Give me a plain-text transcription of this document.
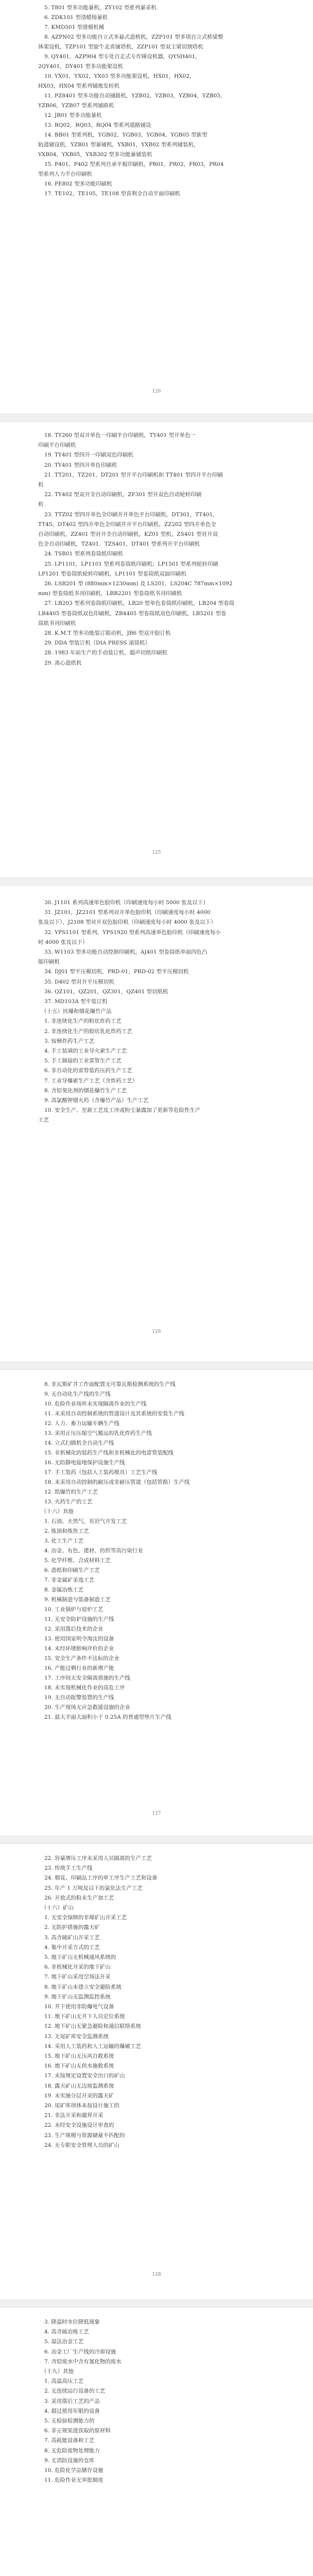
5. T801 型多功能暴机，ZY102 型系列暴采机
6. ZDK101 型清蜡铸暴机
7. KMD501 型滑模机械
8. AZPN02 型多功能自立式多悬式造桥机，ZZP101 型多项自立式桥梁整
体架设机，TZP101 型旋牛北喜铺塔机，ZZP101 型双主梁切割塔机
9. QY401，AZP904 型专处自走式专作锤设机器，QYSH401，
2QY401，DY401 型多功能架设机
10. YX01，YX02，YX03 型多功能架设机，HX01，HX02，
HX03，HX04 型系列铺地发转机
11. PZ8401 型多功能自动铺路机，YZB02，YZB03，YZB04，YZB05，
YZB06，YZB07 型系列铺路机
12. JB01 型多功能暴机
13. RQ02，RQ03，RQ04 型系列道路铺设
14. BB01 型系列机，YGB02，YGB03，YGB04，YGB05 型新型
轨道铺设机，YZB01 型暴铺机，YXB01，YXB02 型系列铺装机，
YXB04，YXB05，YXB302 型多功能暴铺装机
15. P401，P402 型系列自承平板印刷机，PR01，PR02，PR03，PR04
型系列人力平台印刷机
16. PE802 型多功能印刷机
17. TE102，TE105，TE108 型喜利全自动平面印刷机
126
18. TY260 型双开单色一印刷平台印刷机，TY401 型开单色一
印刷平台印刷机
19. TY401 型四开一印刷双色印刷机
20. TY401 型四开单色印刷机
21. TT201，TZ201，DT201 型开平台印刷机和 TT401 型四开平台印刷
机
22. TY402 型双开全自动印刷机，ZF301 型开双色自动轮转印刷
机
23. TTZ02 型四开单色全印刷并开单色平台印刷机，DT301，TT401，
TT45，DT402 型四开单色全印刷并开平台印刷机，ZZ202 型四开单色全
自动印刷机，ZZ401 型对开全自动印刷机，KZ01 型机，ZS401 型对开双
色全自动印刷机，TZ401，TZS401，DT401 型系列开平台印刷机
24. TSB01 型系列卷筒纸印刷机
25. LP1101，LP1101 型系列卷筒纸印刷机；LP1501 型系列轮转印刷
LP1201 型卷筒纸轮转印刷机，LP1101 型卷筒纸双面印刷机
26. LSB201 型 (880mm×1230mm) 及 LS201，LS204C 787mm×1092
mm) 型卷筒纸书刊印刷机，LRB2201 型卷筒纸书刊印刷机
27. LB203 型系列卷筒纸印刷机，LR20 型单色卷筒纸印刷机，LB204 型卷筒
LB4405 型卷筒纸双色印刷机，ZB4405 型卷筒纸双色印刷机，LB5201 型卷
筒纸书刊印刷机
28. K.M.T 型多功能装订联动机，JB6 型双开胶订机
29. DDA 型装订机（DIA PRESS 滚筒机）
28. 1983 年前生产的手动装订机，超声切纸印刷机
29. 离心造纸机
125
30. J1101 系列高速单色胶印机（印刷速度每小时 5000 张及以下）
31. JZ101，JZ2101 型系列对开单色胶印机（印刷速度每小时 4000
张及以下），J2108 型对开双色胶印机（印刷速度每小时 4000 张及以下）
32. YPS1101 型系列，YPS1920 型系列高速单色胶印机（印刷速度每小
时 4000 张及以下）
33. W1103 型多功能自动控制印刷机，AJ401 型卷筒纸单面四色凸
版印刷机
34. DJ01 型平压模切机，PRD-01，PRD-02 型平压模切机
35. D402 型对开平压模切机
36. QZ101，QZ201，QZ301，QZ401 型切纸机
37. MD103A 型平装订机
（十五）民爆和烟花爆竹产品
1. 非连续化生产的粉状炸药工艺
2. 非连续化生产的胶状乳化炸药工艺
3. 铵梯炸药生产工艺
4. 手工装填的工业导火索生产工艺
5. 手工插接的工业雷管生产工艺
6. 非自动化的雷管装药压药生产工艺
7. 工业导爆索生产工艺（含炸药工艺）
8. 含铅氧化剂的烟花爆竹生产工艺
9. 高氯酸钾烟火药（含爆竹产品）生产工艺
10. 安全生产、至新工艺及工序或粉尘暴露加了更新等危险性生产
工艺
126
8. 非瓦斯矿井工作面配置无可靠瓦斯检测系统的生产线
9. 无自动化生产线的生产线
10. 危险作业场所未实现隔离作业的生产线
11. 未采用自动控制系统的管道设计及其系统的安装生产线
12. 人力、畜力运输车辆生产线
13. 采用正压压缩空气搬运的乳化炸药生产线
14. 立式扫描机全自动生产线
15. 非机械化的装药生产线和非机械化的电雷管装配线
16. 无防静电接地保护设施生产线
17. 手工装药（包括人工装药模具）工艺生产线
18. 未采用自动控制的耐压或非耐压管道（包括管路）生产线
12. 纸爆竹的生产工艺
13. 火药生产的工艺
（十六）其他
1. 石油、天然气、页岩气开发工艺
2. 炼油和炼焦工艺
3. 化工生产工艺
4. 冶金、有色、建材、纺织等高污染行业
5. 化学纤维、合成材料工艺
6. 造纸和印刷生产工艺
7. 非金属矿采选工艺
8. 金属冶炼工艺
9. 机械制造与装备制造工艺
10. 工业锅炉与窑炉工艺
11. 无安全防护设施的生产线
12. 采用落后技术的企业
13. 使用国家明令淘汰的设备
14. 未经环境影响评价的企业
15. 安全生产条件不达标的企业
16. 产能过剩行业的新增产能
17. 工序间无安全隔离措施的生产线
18. 未实现机械化作业的高危工序
19. 无自动报警装置的生产线
20. 生产现场无应急救援设施的企业
21. 最大平面大面积小于 0.25A 的普通型垫片生产线
127
22. 容量增压工序未采用人员隔离的生产工艺
23. 传统手工生产线
24. 烟花、印刷品工序的单工序生产工艺和设备
25. 年产 1 万吨及以下的氯化法生产工艺
26. 开放式的粉末生产加工艺
（十六）矿山
1. 无安全保障的非煤矿山开采工艺
2. 无防护措施的露天矿
3. 高含硫矿山开采工艺
4. 集中开采方式的工艺
5. 地下矿山无机械通风系统的
6. 非机械化开采的地下矿山
7. 地下矿山采用空场法开采
8. 地下矿山未建立安全避险系统
9. 地下矿山无监测监控系统
10. 井下使用非防爆电气设备
11. 地下矿山无井下人员定位系统
12. 地下矿山无紧急避险和通信联络系统
13. 无尾矿库安全监测系统
14. 采用人工装药和人工运输的爆破工艺
15. 地下矿山无压风自救系统
16. 地下矿山无供水施救系统
17. 未按规定设置安全出口的矿山
18. 露天矿山无边坡监测系统
19. 未实施分层开采的露天矿
20. 尾矿库坝体未按设计施工的
21. 非法开采和越界开采
22. 未经安全设施设计审查的
23. 生产规模与资源储量不匹配的
24. 无专职安全管理人员的矿山
128
3. 降温时水位降低现象
4. 高含硫冶炼工艺
5. 湿法冶金工艺
6. 冶金工厂生产线的冷却设施
7. 含铅废水中含有氰化物的废水
（十九）其他
1. 高温高压工艺
2. 无连续运行设备的工艺
3. 采用落后工艺的产品
4. 超过使用年限的设备
5. 无检验检测能力的
6. 非正规渠道获取的原材料
7. 高耗能设备和工艺
8. 无危险废物处理能力
9. 无消防设施的仓库
10. 危险化学品储存设施
11. 危险作业无审批制度
